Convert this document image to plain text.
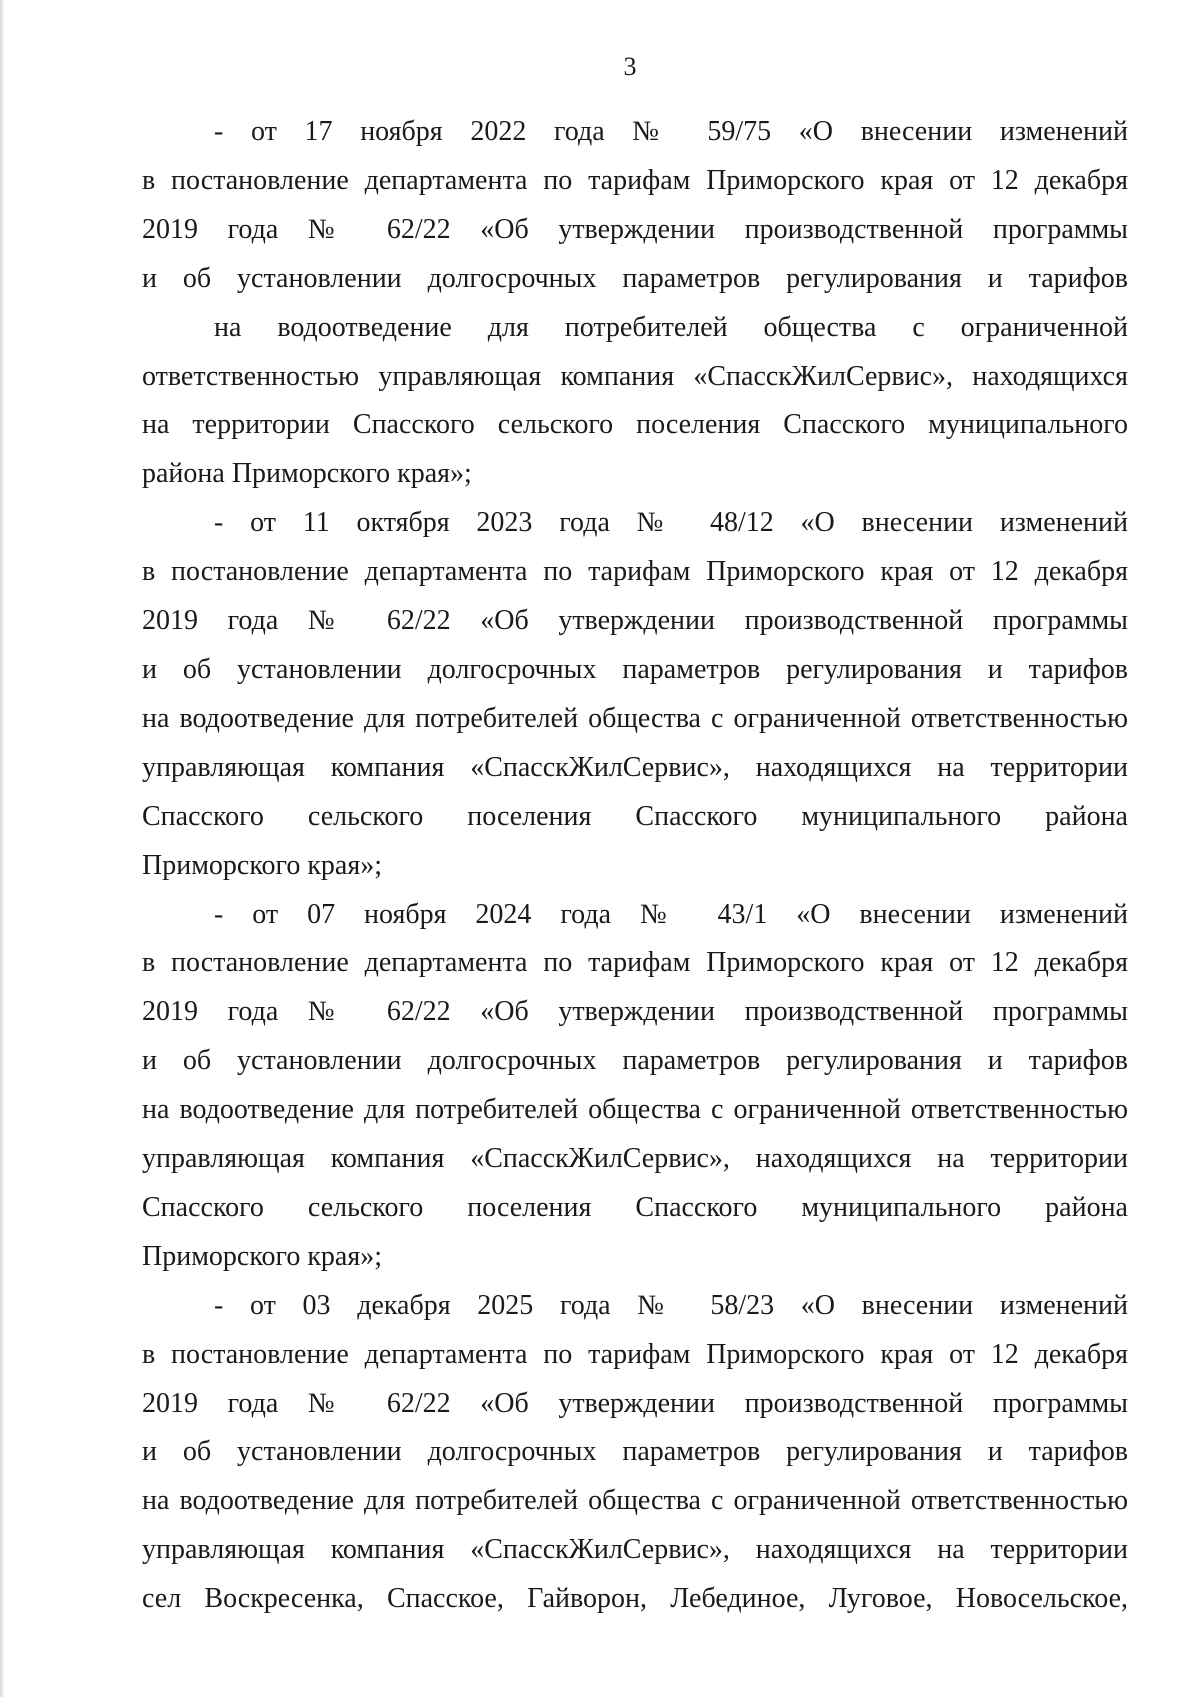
3

- от 17 ноября 2022 года № 59/75 «О внесении изменений
в постановление департамента по тарифам Приморского края от 12 декабря
2019 года № 62/22 «Об утверждении производственной программы
и об установлении долгосрочных параметров регулирования и тарифов
на водоотведение для потребителей общества с ограниченной
ответственностью управляющая компания «СпасскЖилСервис», находящихся
на территории Спасского сельского поселения Спасского муниципального
района Приморского края»;

- от 11 октября 2023 года № 48/12 «О внесении изменений
в постановление департамента по тарифам Приморского края от 12 декабря
2019 года № 62/22 «Об утверждении производственной программы
и об установлении долгосрочных параметров регулирования и тарифов
на водоотведение для потребителей общества с ограниченной ответственностью
управляющая компания «СпасскЖилСервис», находящихся на территории
Спасского сельского поселения Спасского муниципального района
Приморского края»;

- от 07 ноября 2024 года № 43/1 «О внесении изменений
в постановление департамента по тарифам Приморского края от 12 декабря
2019 года № 62/22 «Об утверждении производственной программы
и об установлении долгосрочных параметров регулирования и тарифов
на водоотведение для потребителей общества с ограниченной ответственностью
управляющая компания «СпасскЖилСервис», находящихся на территории
Спасского сельского поселения Спасского муниципального района
Приморского края»;

- от 03 декабря 2025 года № 58/23 «О внесении изменений
в постановление департамента по тарифам Приморского края от 12 декабря
2019 года № 62/22 «Об утверждении производственной программы
и об установлении долгосрочных параметров регулирования и тарифов
на водоотведение для потребителей общества с ограниченной ответственностью
управляющая компания «СпасскЖилСервис», находящихся на территории
сел Воскресенка, Спасское, Гайворон, Лебединое, Луговое, Новосельское,
